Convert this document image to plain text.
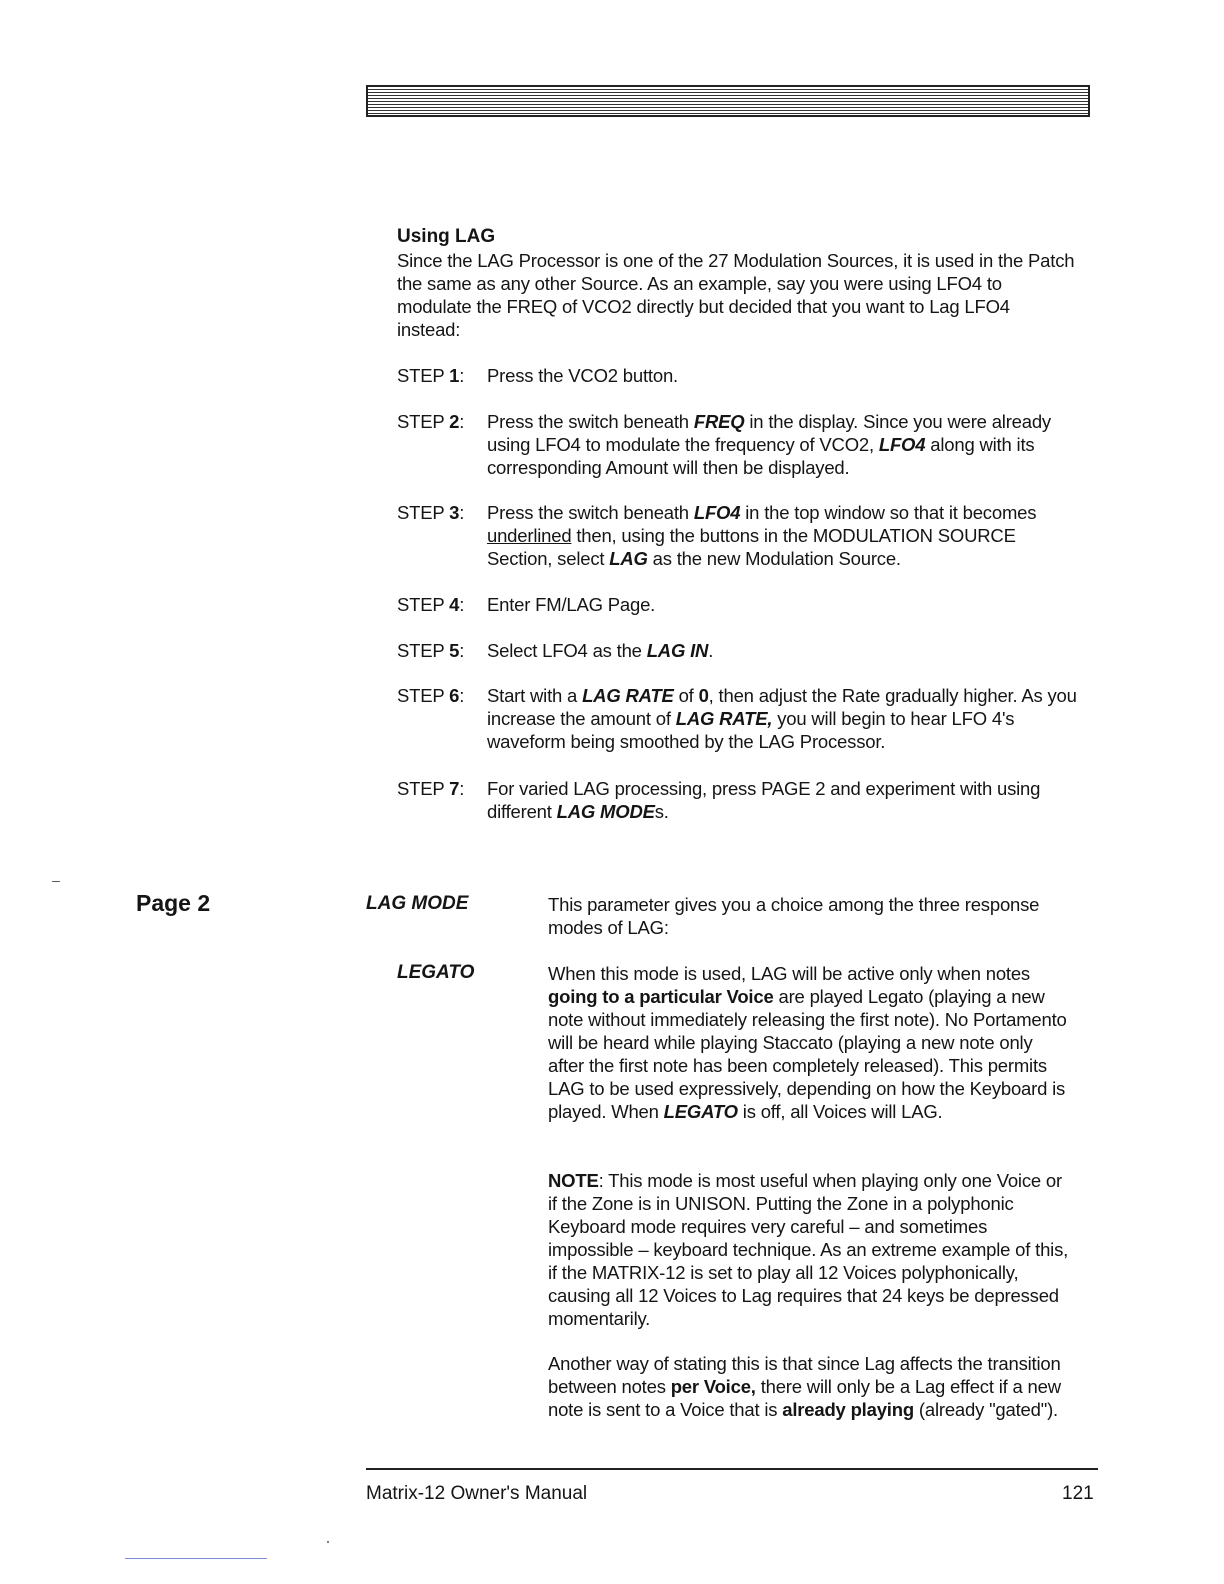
Using LAG

Since the LAG Processor is one of the 27 Modulation Sources, it is used in the Patch the same as any other Source. As an example, say you were using LFO4 to modulate the FREQ of VCO2 directly but decided that you want to Lag LFO4 instead:

STEP 1:	Press the VCO2 button.
STEP 2:	Press the switch beneath FREQ in the display. Since you were already using LFO4 to modulate the frequency of VCO2, LFO4 along with its corresponding Amount will then be displayed.
STEP 3:	Press the switch beneath LFO4 in the top window so that it becomes underlined then, using the buttons in the MODULATION SOURCE Section, select LAG as the new Modulation Source.
STEP 4:	Enter FM/LAG Page.
STEP 5:	Select LFO4 as the LAG IN.
STEP 6:	Start with a LAG RATE of 0, then adjust the Rate gradually higher. As you increase the amount of LAG RATE, you will begin to hear LFO 4's waveform being smoothed by the LAG Processor.
STEP 7:	For varied LAG processing, press PAGE 2 and experiment with using different LAG MODEs.
Page 2	LAG MODE	This parameter gives you a choice among the three response modes of LAG:

LEGATO	When this mode is used, LAG will be active only when notes going to a particular Voice are played Legato (playing a new note without immediately releasing the first note). No Portamento will be heard while playing Staccato (playing a new note only after the first note has been completely released). This permits LAG to be used expressively, depending on how the Keyboard is played. When LEGATO is off, all Voices will LAG.

NOTE: This mode is most useful when playing only one Voice or if the Zone is in UNISON. Putting the Zone in a polyphonic Keyboard mode requires very careful – and sometimes impossible – keyboard technique. As an extreme example of this, if the MATRIX-12 is set to play all 12 Voices polyphonically, causing all 12 Voices to Lag requires that 24 keys be depressed momentarily.

Another way of stating this is that since Lag affects the transition between notes per Voice, there will only be a Lag effect if a new note is sent to a Voice that is already playing (already "gated").

Matrix-12 Owner's Manual	121
